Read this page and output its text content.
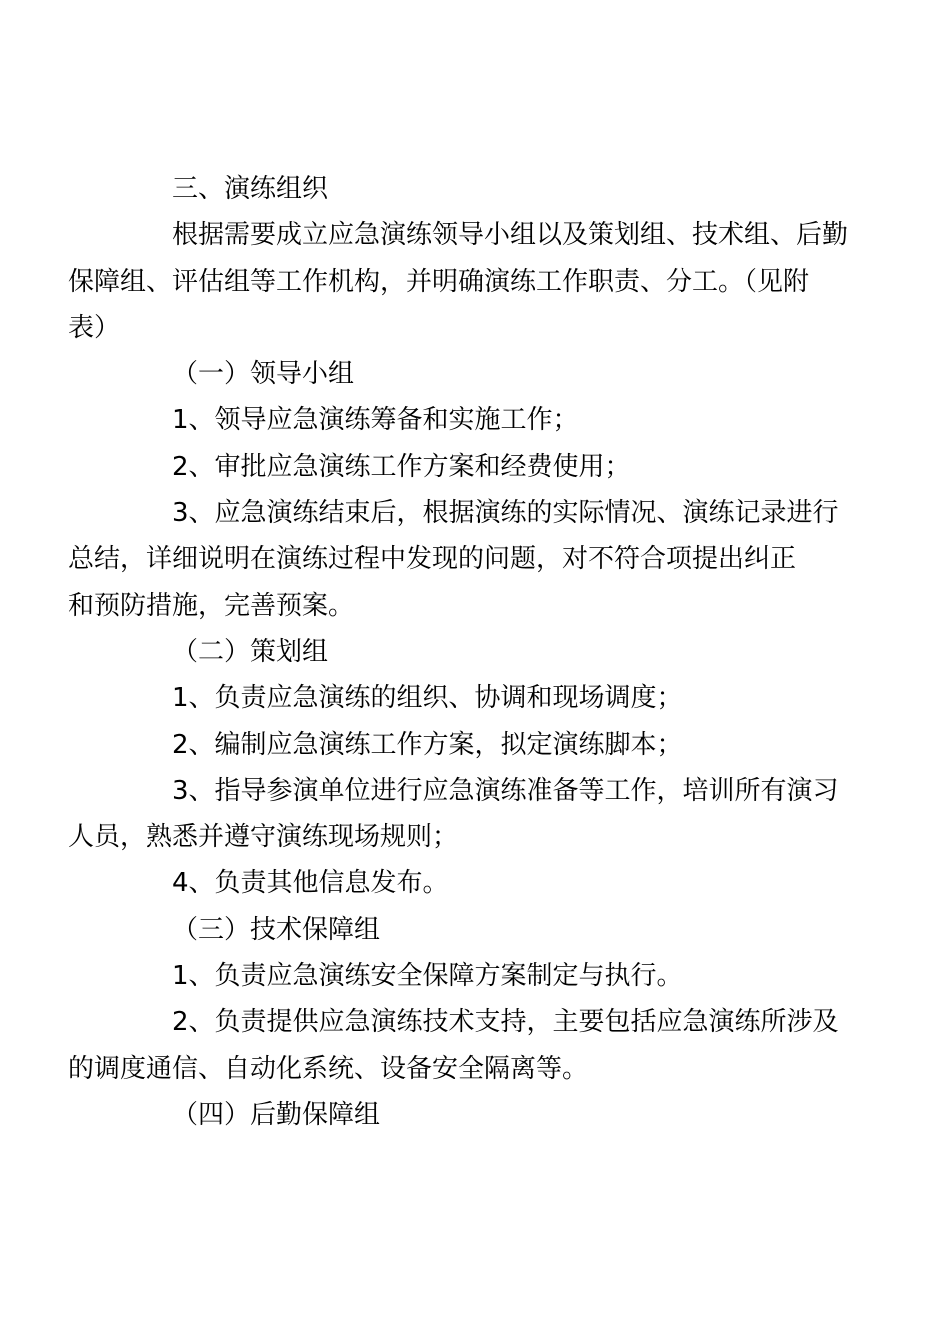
三、演练组织

根据需要成立应急演练领导小组以及策划组、技术组、后勤
保障组、评估组等工作机构，并明确演练工作职责、分工。（见附
表）

（一）领导小组

1、领导应急演练筹备和实施工作；

2、审批应急演练工作方案和经费使用；

3、应急演练结束后，根据演练的实际情况、演练记录进行
总结，详细说明在演练过程中发现的问题，对不符合项提出纠正
和预防措施，完善预案。

（二）策划组

1、负责应急演练的组织、协调和现场调度；

2、编制应急演练工作方案，拟定演练脚本；

3、指导参演单位进行应急演练准备等工作，培训所有演习
人员，熟悉并遵守演练现场规则；

4、负责其他信息发布。

（三）技术保障组

1、负责应急演练安全保障方案制定与执行。

2、负责提供应急演练技术支持，主要包括应急演练所涉及
的调度通信、自动化系统、设备安全隔离等。

（四）后勤保障组
